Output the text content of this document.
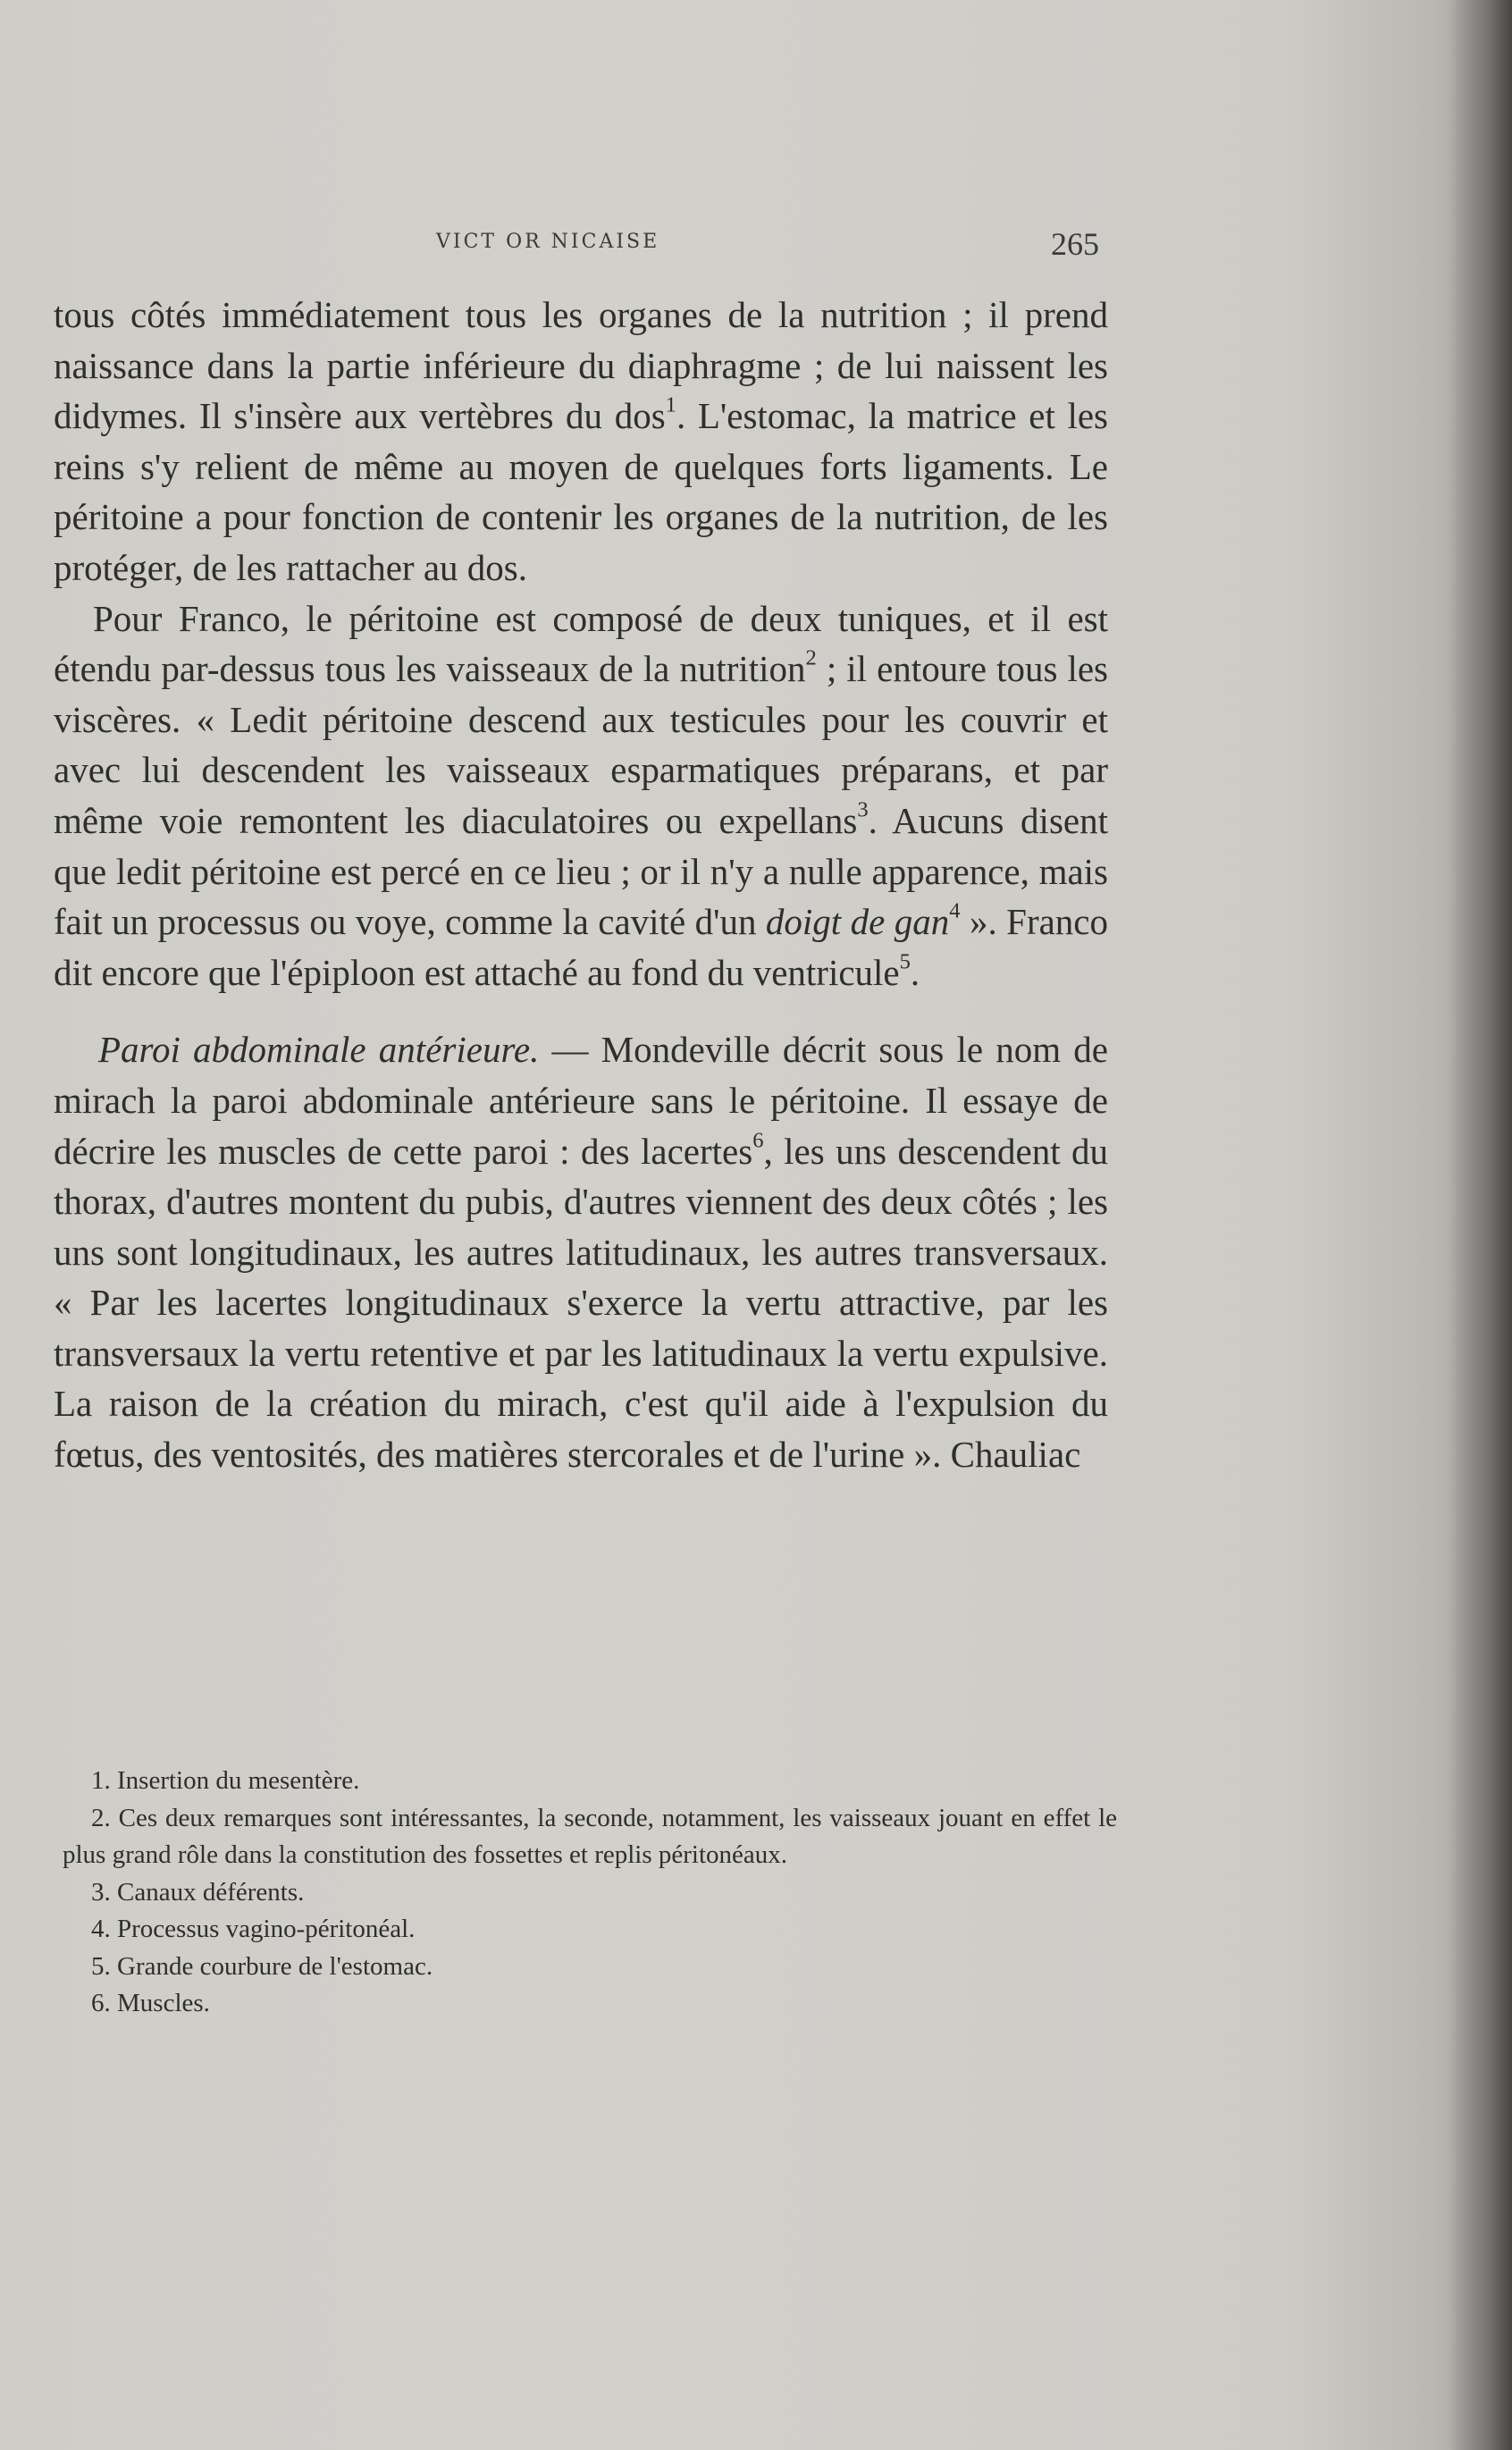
VICT OR NICAISE	265

tous côtés immédiatement tous les organes de la nutrition ; il prend naissance dans la partie inférieure du diaphragme ; de lui naissent les didymes. Il s'insère aux vertèbres du dos$^1$. L'estomac, la matrice et les reins s'y relient de même au moyen de quelques forts ligaments. Le péritoine a pour fonction de contenir les organes de la nutrition, de les protéger, de les rattacher au dos.

Pour Franco, le péritoine est composé de deux tuniques, et il est étendu par-dessus tous les vaisseaux de la nutrition$^2$ ; il entoure tous les viscères. « Ledit péritoine descend aux testicules pour les couvrir et avec lui descendent les vaisseaux esparmatiques préparans, et par même voie remontent les diaculatoires ou expellans$^3$. Aucuns disent que ledit péritoine est percé en ce lieu ; or il n'y a nulle apparence, mais fait un processus ou voye, comme la cavité d'un doigt de gan$^4$ ». Franco dit encore que l'épiploon est attaché au fond du ventricule$^5$.

Paroi abdominale antérieure. — Mondeville décrit sous le nom de mirach la paroi abdominale antérieure sans le péritoine. Il essaye de décrire les muscles de cette paroi : des lacertes$^6$, les uns descendent du thorax, d'autres montent du pubis, d'autres viennent des deux côtés ; les uns sont longitudinaux, les autres latitudinaux, les autres transversaux. « Par les lacertes longitudinaux s'exerce la vertu attractive, par les transversaux la vertu retentive et par les latitudinaux la vertu expulsive. La raison de la création du mirach, c'est qu'il aide à l'expulsion du fœtus, des ventosités, des matières stercorales et de l'urine ». Chauliac

1. Insertion du mesentère.
2. Ces deux remarques sont intéressantes, la seconde, notamment, les vaisseaux jouant en effet le plus grand rôle dans la constitution des fossettes et replis péritonéaux.
3. Canaux déférents.
4. Processus vagino-péritonéal.
5. Grande courbure de l'estomac.
6. Muscles.
